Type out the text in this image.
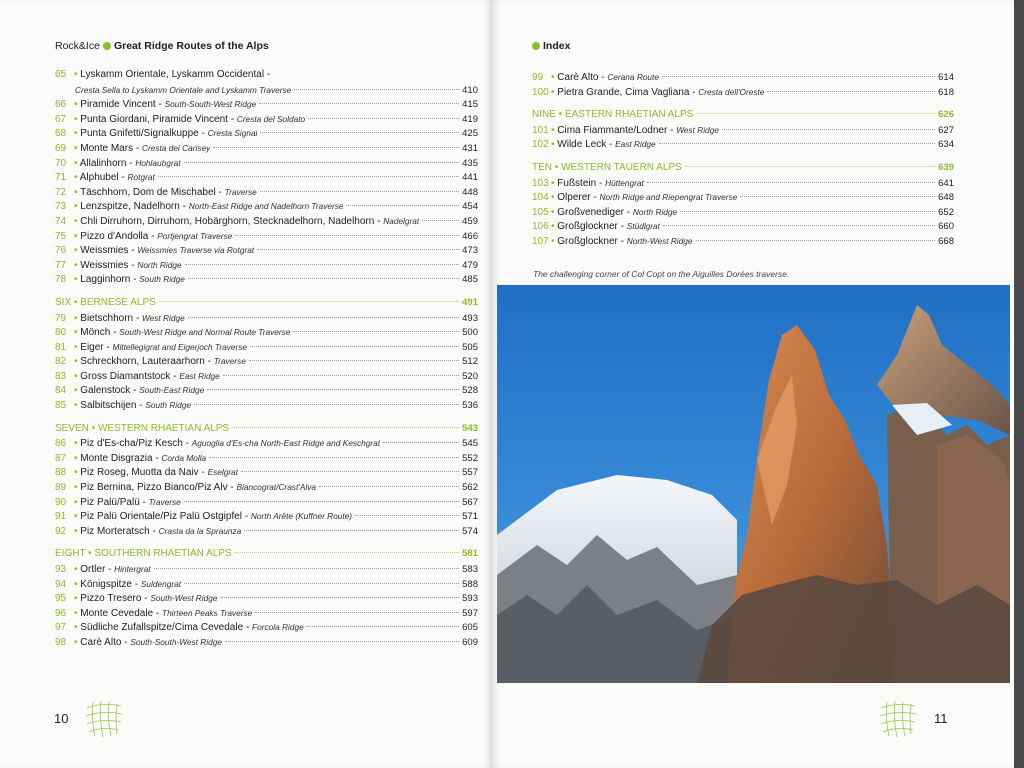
Rock&Ice Great Ridge Routes of the Alps
65 • Lyskamm Orientale, Lyskamm Occidental -
Cresta Sella to Lyskamm Orientale and Lyskamm Traverse	410
66 • Piramide Vincent - South-South-West Ridge	415
67 • Punta Giordani, Piramide Vincent - Cresta del Soldato	419
68 • Punta Gnifetti/Signalkuppe - Cresta Signal	425
69 • Monte Mars - Cresta dei Carisey	431
70 • Allalinhorn - Hohlaubgrat	435
71 • Alphubel - Rotgrat	441
72 • Täschhorn, Dom de Mischabel - Traverse	448
73 • Lenzspitze, Nadelhorn - North-East Ridge and Nadelhorn Traverse	454
74 • Chli Dirruhorn, Dirruhorn, Hobärghorn, Stecknadelhorn, Nadelhorn - Nadelgrat	459
75 • Pizzo d'Andolla - Portjengrat Traverse	466
76 • Weissmies - Weissmies Traverse via Rotgrat	473
77 • Weissmies - North Ridge	479
78 • Lagginhorn - South Ridge	485
SIX • BERNESE ALPS	491
79 • Bietschhorn - West Ridge	493
80 • Mönch - South-West Ridge and Normal Route Traverse	500
81 • Eiger - Mittellegigrat and Eigerjoch Traverse	505
82 • Schreckhorn, Lauteraarhorn - Traverse	512
83 • Gross Diamantstock - East Ridge	520
84 • Galenstock - South-East Ridge	528
85 • Salbitschijen - South Ridge	536
SEVEN • WESTERN RHAETIAN ALPS	543
86 • Piz d'Es-cha/Piz Kesch - Aguoglia d'Es-cha North-East Ridge and Keschgrat	545
87 • Monte Disgrazia - Corda Molla	552
88 • Piz Roseg, Muotta da Naiv - Eselgrat	557
89 • Piz Bernina, Pizzo Bianco/Piz Alv - Biancograt/Crast'Alva	562
90 • Piz Palü/Palü - Traverse	567
91 • Piz Palü Orientale/Piz Palü Ostgipfel - North Arête (Kuffner Route)	571
92 • Piz Morteratsch - Crasta da la Spraunza	574
EIGHT • SOUTHERN RHAETIAN ALPS	581
93 • Ortler - Hintergrat	583
94 • Königspitze - Suldengrat	588
95 • Pizzo Tresero - South-West Ridge	593
96 • Monte Cevedale - Thirteen Peaks Traverse	597
97 • Südliche Zufallspitze/Cima Cevedale - Forcola Ridge	605
98 • Carè Alto - South-South-West Ridge	609
10
Index
99 • Carè Alto - Cerana Route	614
100 • Pietra Grande, Cima Vagliana - Cresta dell'Oreste	618
NINE • EASTERN RHAETIAN ALPS	626
101 • Cima Fiammante/Lodner - West Ridge	627
102 • Wilde Leck - East Ridge	634
TEN • WESTERN TAUERN ALPS	639
103 • Fußstein - Hüttengrat	641
104 • Olperer - North Ridge and Riepengrat Traverse	648
105 • Großvenediger - North Ridge	652
106 • Großglockner - Stüdlgrat	660
107 • Großglockner - North-West Ridge	668
11
The challenging corner of Col Copt on the Aiguilles Dorées traverse.
